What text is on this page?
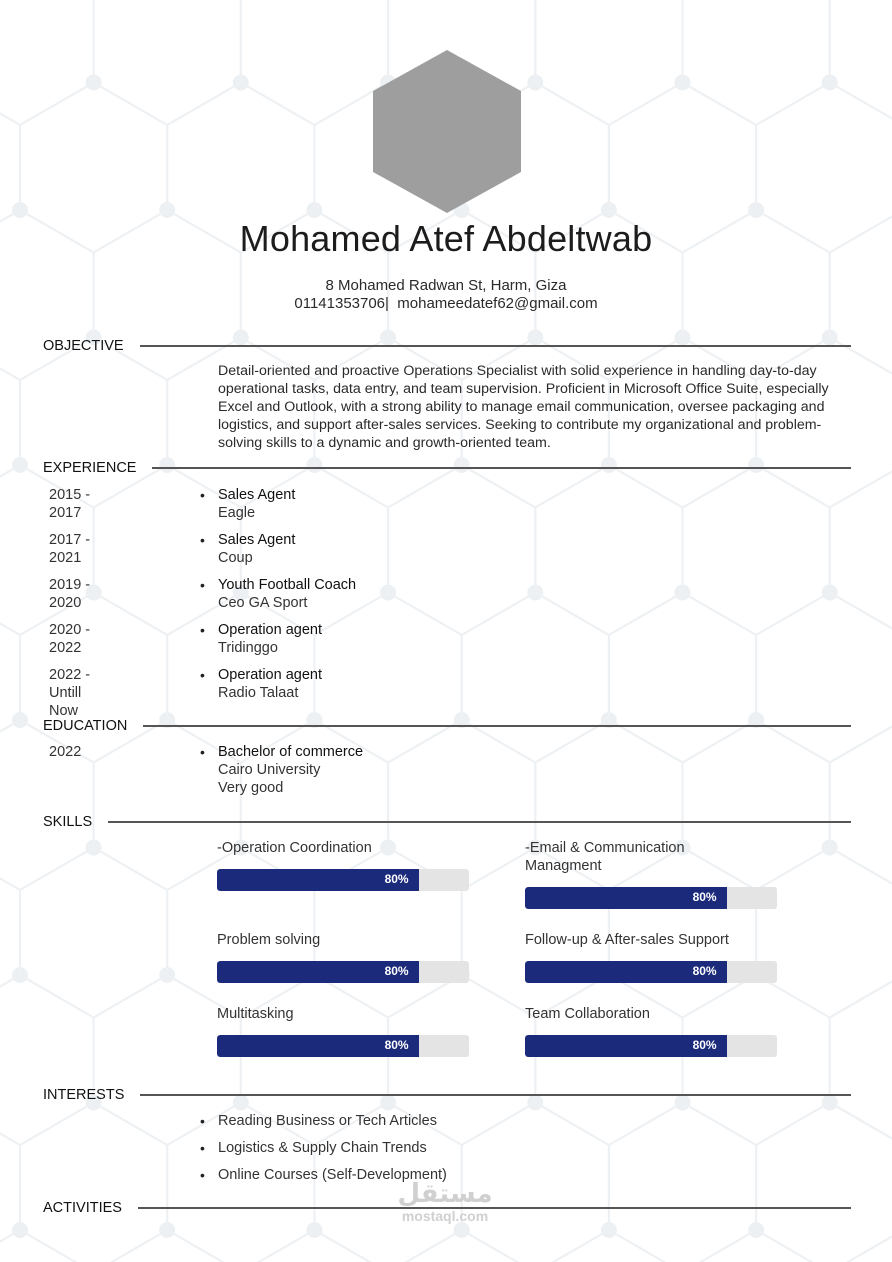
Mohamed Atef Abdeltwab
8 Mohamed Radwan St, Harm, Giza
01141353706| mohameedatef62@gmail.com
OBJECTIVE
Detail-oriented and proactive Operations Specialist with solid experience in handling day-to-day operational tasks, data entry, and team supervision. Proficient in Microsoft Office Suite, especially Excel and Outlook, with a strong ability to manage email communication, oversee packaging and logistics, and support after-sales services. Seeking to contribute my organizational and problem-solving skills to a dynamic and growth-oriented team.
EXPERIENCE
2015 -
2017
• Sales Agent
Eagle
2017 -
2021
• Sales Agent
Coup
2019 -
2020
• Youth Football Coach
Ceo GA Sport
2020 -
2022
• Operation agent
Tridinggo
2022 -
Untill Now
• Operation agent
Radio Talaat
EDUCATION
2022	• Bachelor of commerce
Cairo University
Very good
SKILLS
-Operation Coordination
80%
-Email & Communication Managment
80%
Problem solving
80%
Follow-up & After-sales Support
80%
Multitasking
80%
Team Collaboration
80%
INTERESTS
• Reading Business or Tech Articles
• Logistics & Supply Chain Trends
• Online Courses (Self-Development)
ACTIVITIES	مستقل
mostaql.com
